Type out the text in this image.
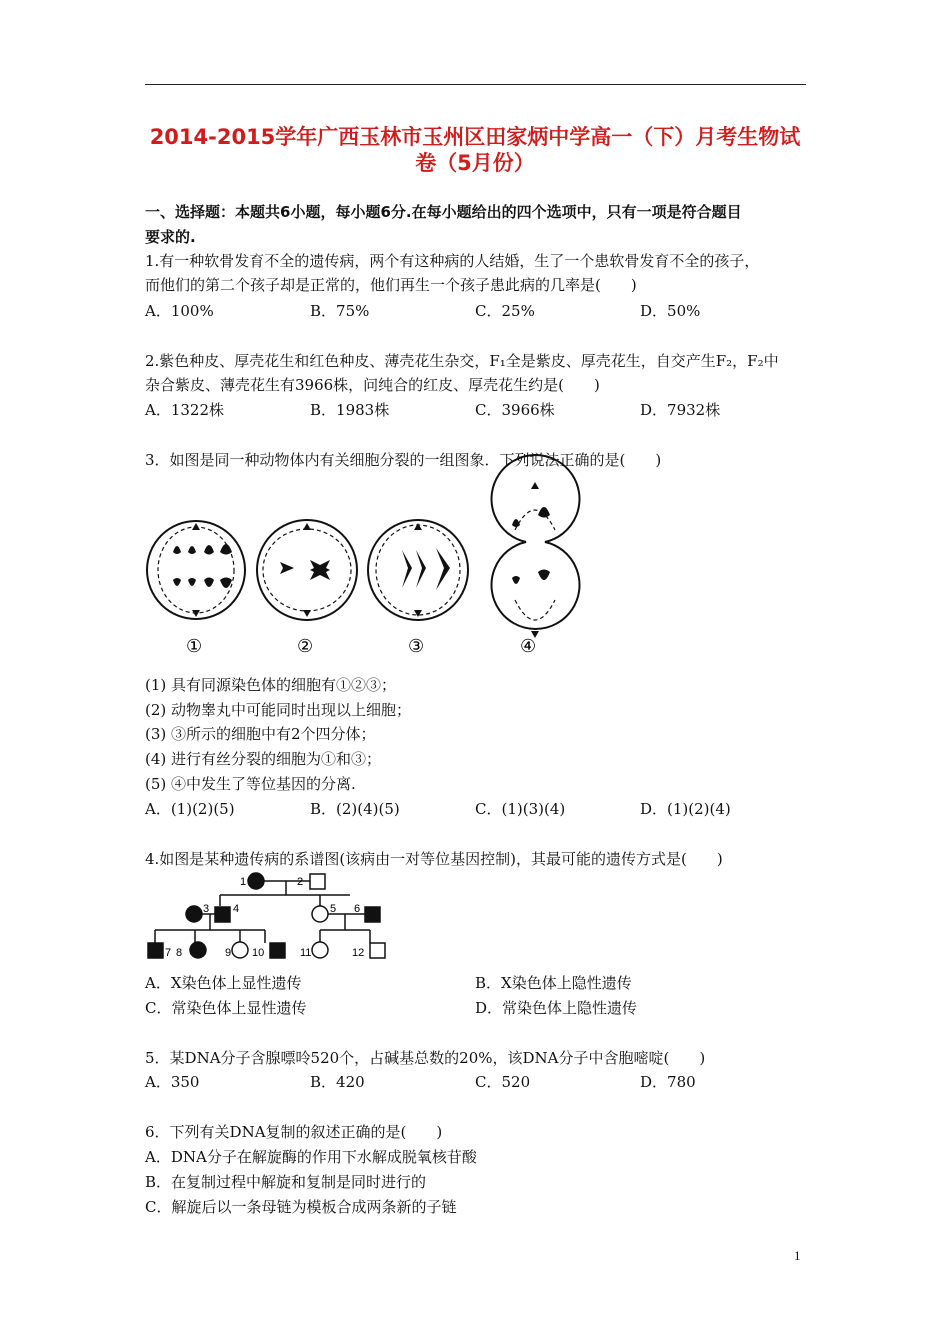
2014-2015学年广西玉林市玉州区田家炳中学高一（下）月考生物试
卷（5月份）
一、选择题：本题共6小题，每小题6分.在每小题给出的四个选项中，只有一项是符合题目
要求的.
1.有一种软骨发育不全的遗传病，两个有这种病的人结婚，生了一个患软骨发育不全的孩子，
而他们的第二个孩子却是正常的，他们再生一个孩子患此病的几率是(　　)
A．100%	B．75%	C．25%	D．50%
2.紫色种皮、厚壳花生和红色种皮、薄壳花生杂交，F₁全是紫皮、厚壳花生，自交产生F₂，F₂中
杂合紫皮、薄壳花生有3966株，问纯合的红皮、厚壳花生约是(　　)
A．1322株	B．1983株	C．3966株	D．7932株
3．如图是同一种动物体内有关细胞分裂的一组图象．下列说法正确的是(　　)
①	②	③	④
(1) 具有同源染色体的细胞有①②③；
(2) 动物睾丸中可能同时出现以上细胞；
(3) ③所示的细胞中有2个四分体；
(4) 进行有丝分裂的细胞为①和③；
(5) ④中发生了等位基因的分离.
A．(1)(2)(5)	B．(2)(4)(5)	C．(1)(3)(4)	D．(1)(2)(4)
4.如图是某种遗传病的系谱图(该病由一对等位基因控制)，其最可能的遗传方式是(　　)
1	2
3 4	5 6
7 8	9 10	11	12
A．X染色体上显性遗传	B．X染色体上隐性遗传
C．常染色体上显性遗传	D．常染色体上隐性遗传
5．某DNA分子含腺嘌呤520个，占碱基总数的20%，该DNA分子中含胞嘧啶(　　)
A．350	B．420	C．520	D．780
6．下列有关DNA复制的叙述正确的是(　　)
A．DNA分子在解旋酶的作用下水解成脱氧核苷酸
B．在复制过程中解旋和复制是同时进行的
C．解旋后以一条母链为模板合成两条新的子链
1
